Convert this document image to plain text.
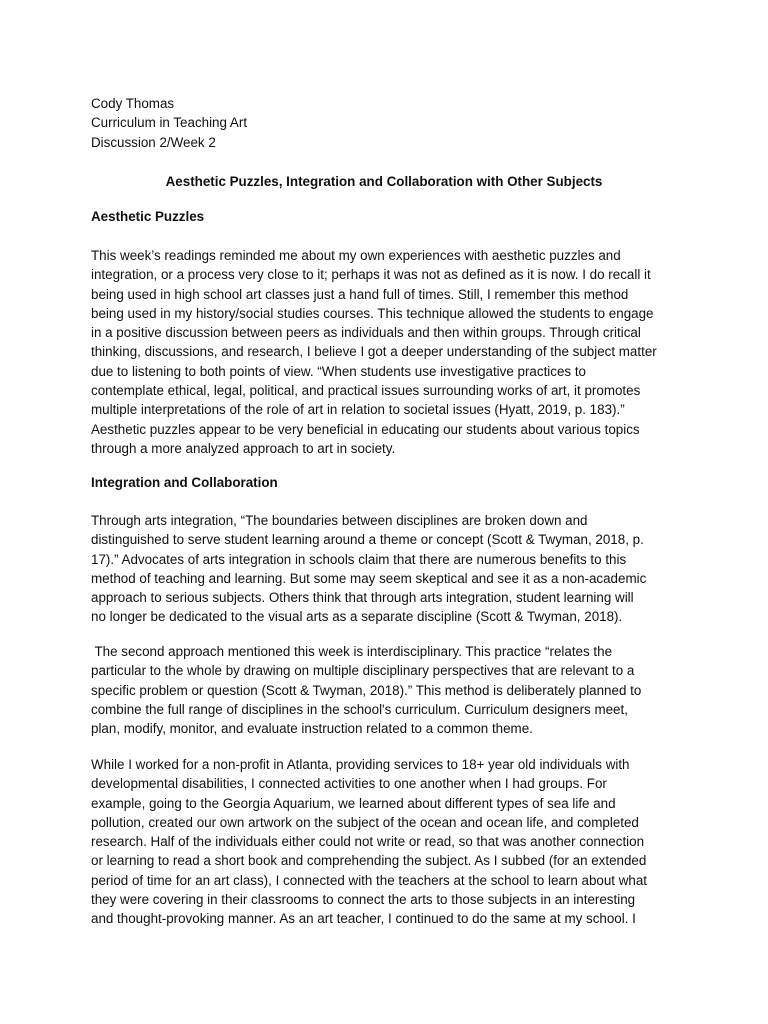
Cody Thomas
Curriculum in Teaching Art
Discussion 2/Week 2
Aesthetic Puzzles, Integration and Collaboration with Other Subjects
Aesthetic Puzzles
This week’s readings reminded me about my own experiences with aesthetic puzzles and
integration, or a process very close to it; perhaps it was not as defined as it is now. I do recall it
being used in high school art classes just a hand full of times. Still, I remember this method
being used in my history/social studies courses. This technique allowed the students to engage
in a positive discussion between peers as individuals and then within groups. Through critical
thinking, discussions, and research, I believe I got a deeper understanding of the subject matter
due to listening to both points of view. “When students use investigative practices to
contemplate ethical, legal, political, and practical issues surrounding works of art, it promotes
multiple interpretations of the role of art in relation to societal issues (Hyatt, 2019, p. 183).”
Aesthetic puzzles appear to be very beneficial in educating our students about various topics
through a more analyzed approach to art in society.
Integration and Collaboration
Through arts integration, “The boundaries between disciplines are broken down and
distinguished to serve student learning around a theme or concept (Scott & Twyman, 2018, p.
17).” Advocates of arts integration in schools claim that there are numerous benefits to this
method of teaching and learning. But some may seem skeptical and see it as a non-academic
approach to serious subjects. Others think that through arts integration, student learning will
no longer be dedicated to the visual arts as a separate discipline (Scott & Twyman, 2018).
The second approach mentioned this week is interdisciplinary. This practice “relates the
particular to the whole by drawing on multiple disciplinary perspectives that are relevant to a
specific problem or question (Scott & Twyman, 2018).” This method is deliberately planned to
combine the full range of disciplines in the school's curriculum. Curriculum designers meet,
plan, modify, monitor, and evaluate instruction related to a common theme.
While I worked for a non-profit in Atlanta, providing services to 18+ year old individuals with
developmental disabilities, I connected activities to one another when I had groups. For
example, going to the Georgia Aquarium, we learned about different types of sea life and
pollution, created our own artwork on the subject of the ocean and ocean life, and completed
research. Half of the individuals either could not write or read, so that was another connection
or learning to read a short book and comprehending the subject. As I subbed (for an extended
period of time for an art class), I connected with the teachers at the school to learn about what
they were covering in their classrooms to connect the arts to those subjects in an interesting
and thought-provoking manner. As an art teacher, I continued to do the same at my school. I
